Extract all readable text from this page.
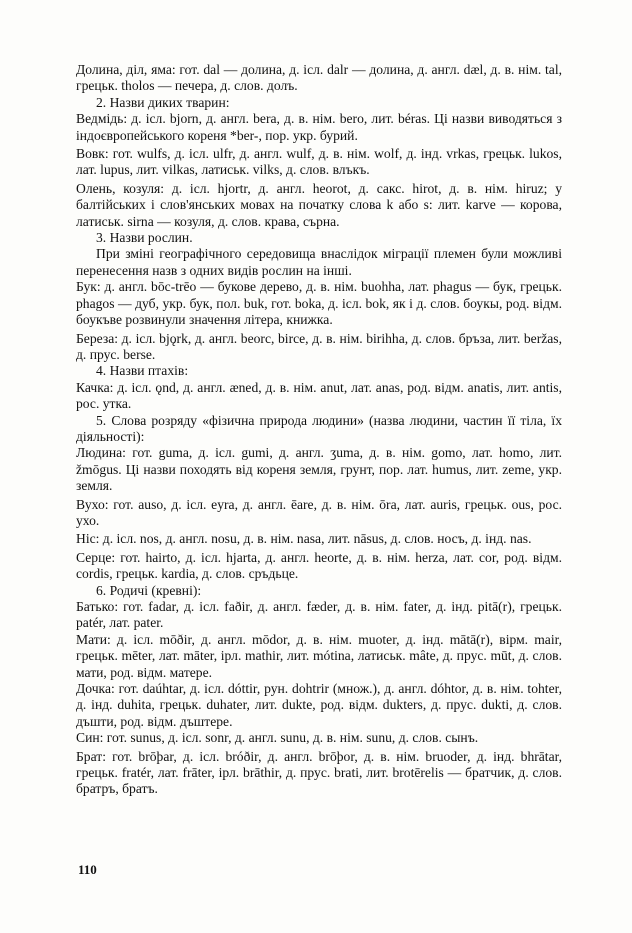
Долина, діл, яма: гот. dal — долина, д. ісл. dalr — долина, д. англ. dæl, д. в. нім. tal, грецьк. tholos — печера, д. слов. долъ.

2. Назви диких тварин:

Ведмідь: д. ісл. bjorn, д. англ. bera, д. в. нім. bero, лит. béras. Ці назви виводяться з індоєвропейського кореня *ber-, пор. укр. бурий.

Вовк: гот. wulfs, д. ісл. ulfr, д. англ. wulf, д. в. нім. wolf, д. інд. vrkas, грецьк. lukos, лат. lupus, лит. vilkas, латиськ. vilks, д. слов. влъкъ.

Олень, козуля: д. ісл. hjortr, д. англ. heorot, д. сакс. hirot, д. в. нім. hiruz; у балтійських і слов'янських мовах на початку слова k або s: лит. karve — корова, латиськ. sirna — козуля, д. слов. крава, сърна.

3. Назви рослин.

При зміні географічного середовища внаслідок міграції племен були можливі перенесення назв з одних видів рослин на інші.

Бук: д. англ. bōc-trēo — букове дерево, д. в. нім. buohha, лат. phagus — бук, грецьк. phagos — дуб, укр. бук, пол. buk, гот. boka, д. ісл. bok, як і д. слов. боукы, род. відм. боукъве розвинули значення літера, книжка.

Береза: д. ісл. bjǫrk, д. англ. beorc, birce, д. в. нім. birihha, д. слов. бръза, лит. beržas, д. прус. berse.

4. Назви птахів:

Качка: д. ісл. ǫnd, д. англ. æned, д. в. нім. anut, лат. anas, род. відм. anatis, лит. antis, рос. утка.

5. Слова розряду «фізична природа людини» (назва людини, частин її тіла, їх діяльності):

Людина: гот. guma, д. ісл. gumi, д. англ. ʒuma, д. в. нім. gomo, лат. homo, лит. žmōgus. Ці назви походять від кореня земля, грунт, пор. лат. humus, лит. zeme, укр. земля.

Вухо: гот. auso, д. ісл. eyra, д. англ. ēare, д. в. нім. ōra, лат. auris, грецьк. ous, рос. ухо.

Ніс: д. ісл. nos, д. англ. nosu, д. в. нім. nasa, лит. nāsus, д. слов. носъ, д. інд. nas.

Серце: гот. hairto, д. ісл. hjarta, д. англ. heorte, д. в. нім. herza, лат. cor, род. відм. cordis, грецьк. kardia, д. слов. сръдьце.

6. Родичі (кревні):

Батько: гот. fadar, д. ісл. faðir, д. англ. fæder, д. в. нім. fater, д. інд. pitā(r), грецьк. patér, лат. pater.

Мати: д. ісл. mōðir, д. англ. mōdor, д. в. нім. muoter, д. інд. mātā(r), вірм. mair, грецьк. mēter, лат. māter, ірл. mathir, лит. mótina, латиськ. mâte, д. прус. mūt, д. слов. мати, род. відм. матере.

Дочка: гот. daúhtar, д. ісл. dóttir, рун. dohtrir (множ.), д. англ. dóhtor, д. в. нім. tohter, д. інд. duhita, грецьк. duhater, лит. dukte, род. відм. dukters, д. прус. dukti, д. слов. дъшти, род. відм. дъштере.

Син: гот. sunus, д. ісл. sonr, д. англ. sunu, д. в. нім. sunu, д. слов. сынъ.

Брат: гот. brōþar, д. ісл. bróðir, д. англ. brōþor, д. в. нім. bruoder, д. інд. bhrātar, грецьк. fratér, лат. frāter, ірл. brāthir, д. прус. brati, лит. brotērelis — братчик, д. слов. братръ, братъ.

110
